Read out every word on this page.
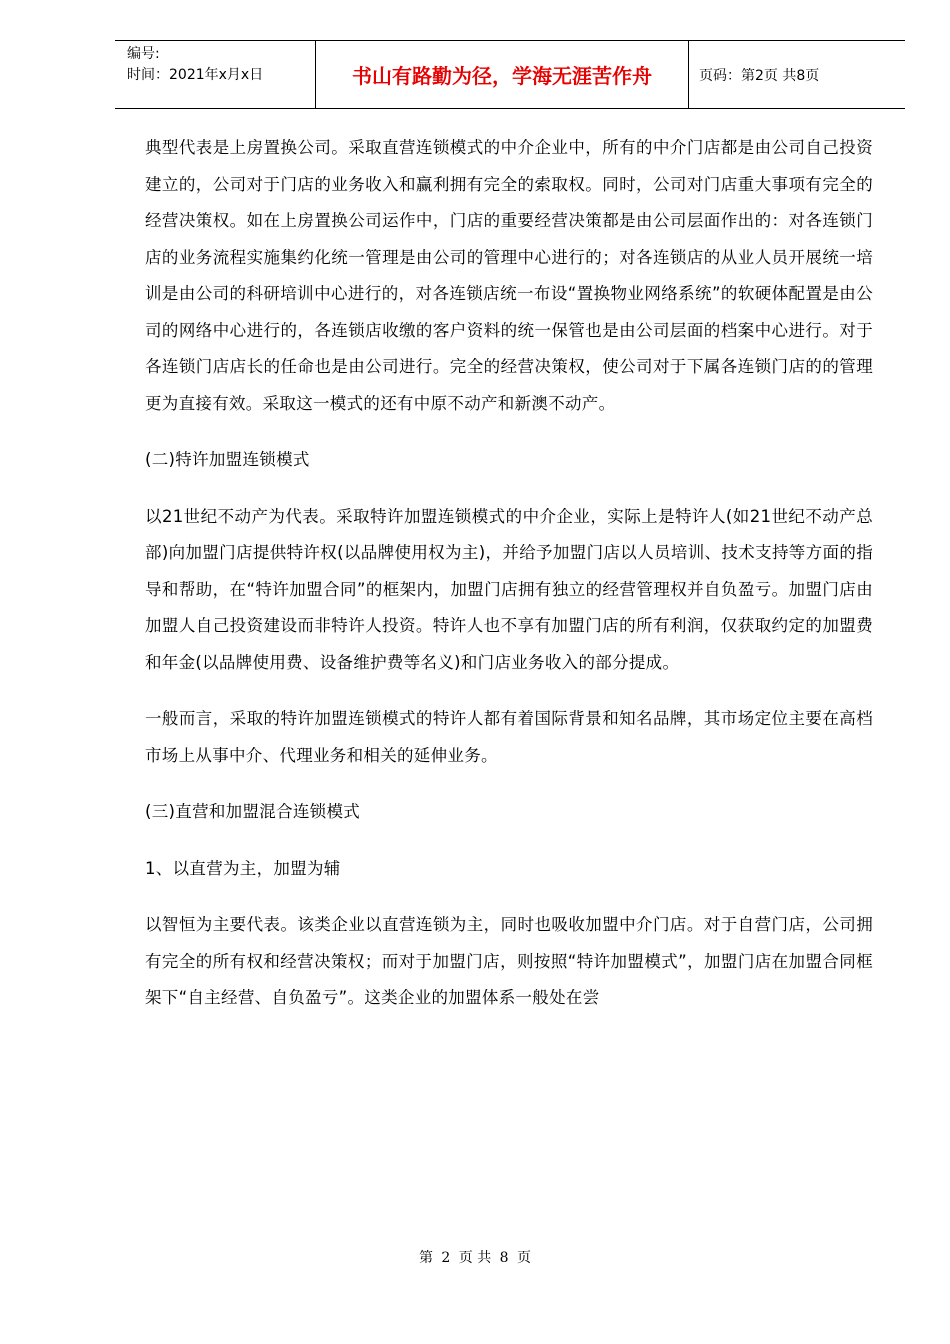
编号:
时间：2021年x月x日	书山有路勤为径，学海无涯苦作舟	页码：第2页 共8页

典型代表是上房置换公司。采取直营连锁模式的中介企业中，所有的中介门店都是由公司自己投资建立的，公司对于门店的业务收入和赢利拥有完全的索取权。同时，公司对门店重大事项有完全的经营决策权。如在上房置换公司运作中，门店的重要经营决策都是由公司层面作出的：对各连锁门店的业务流程实施集约化统一管理是由公司的管理中心进行的；对各连锁店的从业人员开展统一培训是由公司的科研培训中心进行的，对各连锁店统一布设“置换物业网络系统”的软硬体配置是由公司的网络中心进行的，各连锁店收缴的客户资料的统一保管也是由公司层面的档案中心进行。对于各连锁门店店长的任命也是由公司进行。完全的经营决策权，使公司对于下属各连锁门店的的管理更为直接有效。采取这一模式的还有中原不动产和新澳不动产。

(二)特许加盟连锁模式

以21世纪不动产为代表。采取特许加盟连锁模式的中介企业，实际上是特许人(如21世纪不动产总部)向加盟门店提供特许权(以品牌使用权为主)，并给予加盟门店以人员培训、技术支持等方面的指导和帮助，在“特许加盟合同”的框架内，加盟门店拥有独立的经营管理权并自负盈亏。加盟门店由加盟人自己投资建设而非特许人投资。特许人也不享有加盟门店的所有利润，仅获取约定的加盟费和年金(以品牌使用费、设备维护费等名义)和门店业务收入的部分提成。

一般而言，采取的特许加盟连锁模式的特许人都有着国际背景和知名品牌，其市场定位主要在高档市场上从事中介、代理业务和相关的延伸业务。

(三)直营和加盟混合连锁模式

1、以直营为主，加盟为辅

以智恒为主要代表。该类企业以直营连锁为主，同时也吸收加盟中介门店。对于自营门店，公司拥有完全的所有权和经营决策权；而对于加盟门店，则按照“特许加盟模式”，加盟门店在加盟合同框架下“自主经营、自负盈亏”。这类企业的加盟体系一般处在尝

第 2 页 共 8 页
